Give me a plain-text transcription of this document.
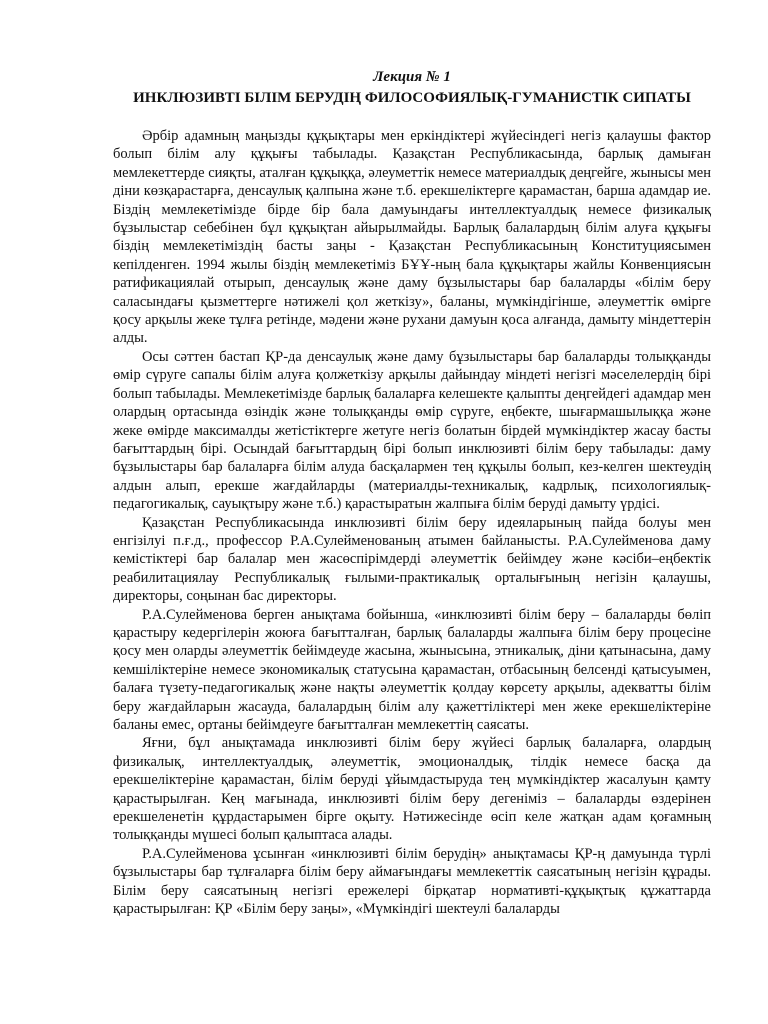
Лекция № 1

ИНКЛЮЗИВТІ БІЛІМ БЕРУДІҢ ФИЛОСОФИЯЛЫҚ-ГУМАНИСТІК СИПАТЫ

Әрбір адамның маңызды құқықтары мен еркіндіктері жүйесіндегі негіз қалаушы фактор болып білім алу құқығы табылады. Қазақстан Республикасында, барлық дамыған мемлекеттерде сияқты, аталған құқыққа, әлеуметтік немесе материалдық деңгейге, жынысы мен діни көзқарастарға, денсаулық қалпына және т.б. ерекшеліктерге қарамастан, барша адамдар ие. Біздің мемлекетімізде бірде бір бала дамуындағы интеллектуалдық немесе физикалық бұзылыстар себебінен бұл құқықтан айырылмайды. Барлық балалардың білім алуға құқығы біздің мемлекетіміздің басты заңы - Қазақстан Республикасының Конституциясымен кепілденген. 1994 жылы біздің мемлекетіміз БҰҰ-ның бала құқықтары жайлы Конвенциясын ратификациялай отырып, денсаулық және даму бұзылыстары бар балаларды «білім беру саласындағы қызметтерге нәтижелі қол жеткізу», баланы, мүмкіндігінше, әлеуметтік өмірге қосу арқылы жеке тұлға ретінде, мәдени және рухани дамуын қоса алғанда, дамыту міндеттерін алды.

Осы сәттен бастап ҚР-да денсаулық және даму бұзылыстары бар балаларды толыққанды өмір сүруге сапалы білім алуға қолжеткізу арқылы дайындау міндеті негізгі мәселелердің бірі болып табылады. Мемлекетімізде барлық балаларға келешекте қалыпты деңгейдегі адамдар мен олардың ортасында өзіндік және толыққанды өмір сүруге, еңбекте, шығармашылыққа және жеке өмірде максималды жетістіктерге жетуге негіз болатын бірдей мүмкіндіктер жасау басты бағыттардың бірі. Осындай бағыттардың бірі болып инклюзивті білім беру табылады: даму бұзылыстары бар балаларға білім алуда басқалармен тең құқылы болып, кез-келген шектеудің алдын алып, ерекше жағдайларды (материалды-техникалық, кадрлық, психологиялық-педагогикалық, сауықтыру және т.б.) қарастыратын жалпыға білім беруді дамыту үрдісі.

Қазақстан Республикасында инклюзивті білім беру идеяларының пайда болуы мен енгізілуі п.ғ.д., профессор Р.А.Сулейменованың атымен байланысты. Р.А.Сулейменова даму кемістіктері бар балалар мен жасөспірімдерді әлеуметтік бейімдеу және кәсіби–еңбектік реабилитациялау Республикалық ғылыми-практикалық орталығының негізін қалаушы, директоры, соңынан бас директоры.

Р.А.Сулейменова берген анықтама бойынша, «инклюзивті білім беру – балаларды бөліп қарастыру кедергілерін жоюға бағытталған, барлық балаларды жалпыға білім беру процесіне қосу мен оларды әлеуметтік бейімдеуде жасына, жынысына, этникалық, діни қатынасына, даму кемшіліктеріне немесе экономикалық статусына қарамастан, отбасының белсенді қатысуымен, балаға түзету-педагогикалық және нақты әлеуметтік қолдау көрсету арқылы, адекватты білім беру жағдайларын жасауда, балалардың білім алу қажеттіліктері мен жеке ерекшеліктеріне баланы емес, ортаны бейімдеуге бағытталған мемлекеттің саясаты.

Яғни, бұл анықтамада инклюзивті білім беру жүйесі барлық балаларға, олардың физикалық, интеллектуалдық, әлеуметтік, эмоционалдық, тілдік немесе басқа да ерекшеліктеріне қарамастан, білім беруді ұйымдастыруда тең мүмкіндіктер жасалуын қамту қарастырылған. Кең мағынада, инклюзивті білім беру дегеніміз – балаларды өздерінен ерекшеленетін құрдастарымен бірге оқыту. Нәтижесінде өсіп келе жатқан адам қоғамның толыққанды мүшесі болып қалыптаса алады.

Р.А.Сулейменова ұсынған «инклюзивті білім берудің» анықтамасы ҚР-ң дамуында түрлі бұзылыстары бар тұлғаларға білім беру аймағындағы мемлекеттік саясатының негізін құрады. Білім беру саясатының негізгі ережелері бірқатар нормативті-құқықтық құжаттарда қарастырылған: ҚР «Білім беру заңы», «Мүмкіндігі шектеулі балаларды
